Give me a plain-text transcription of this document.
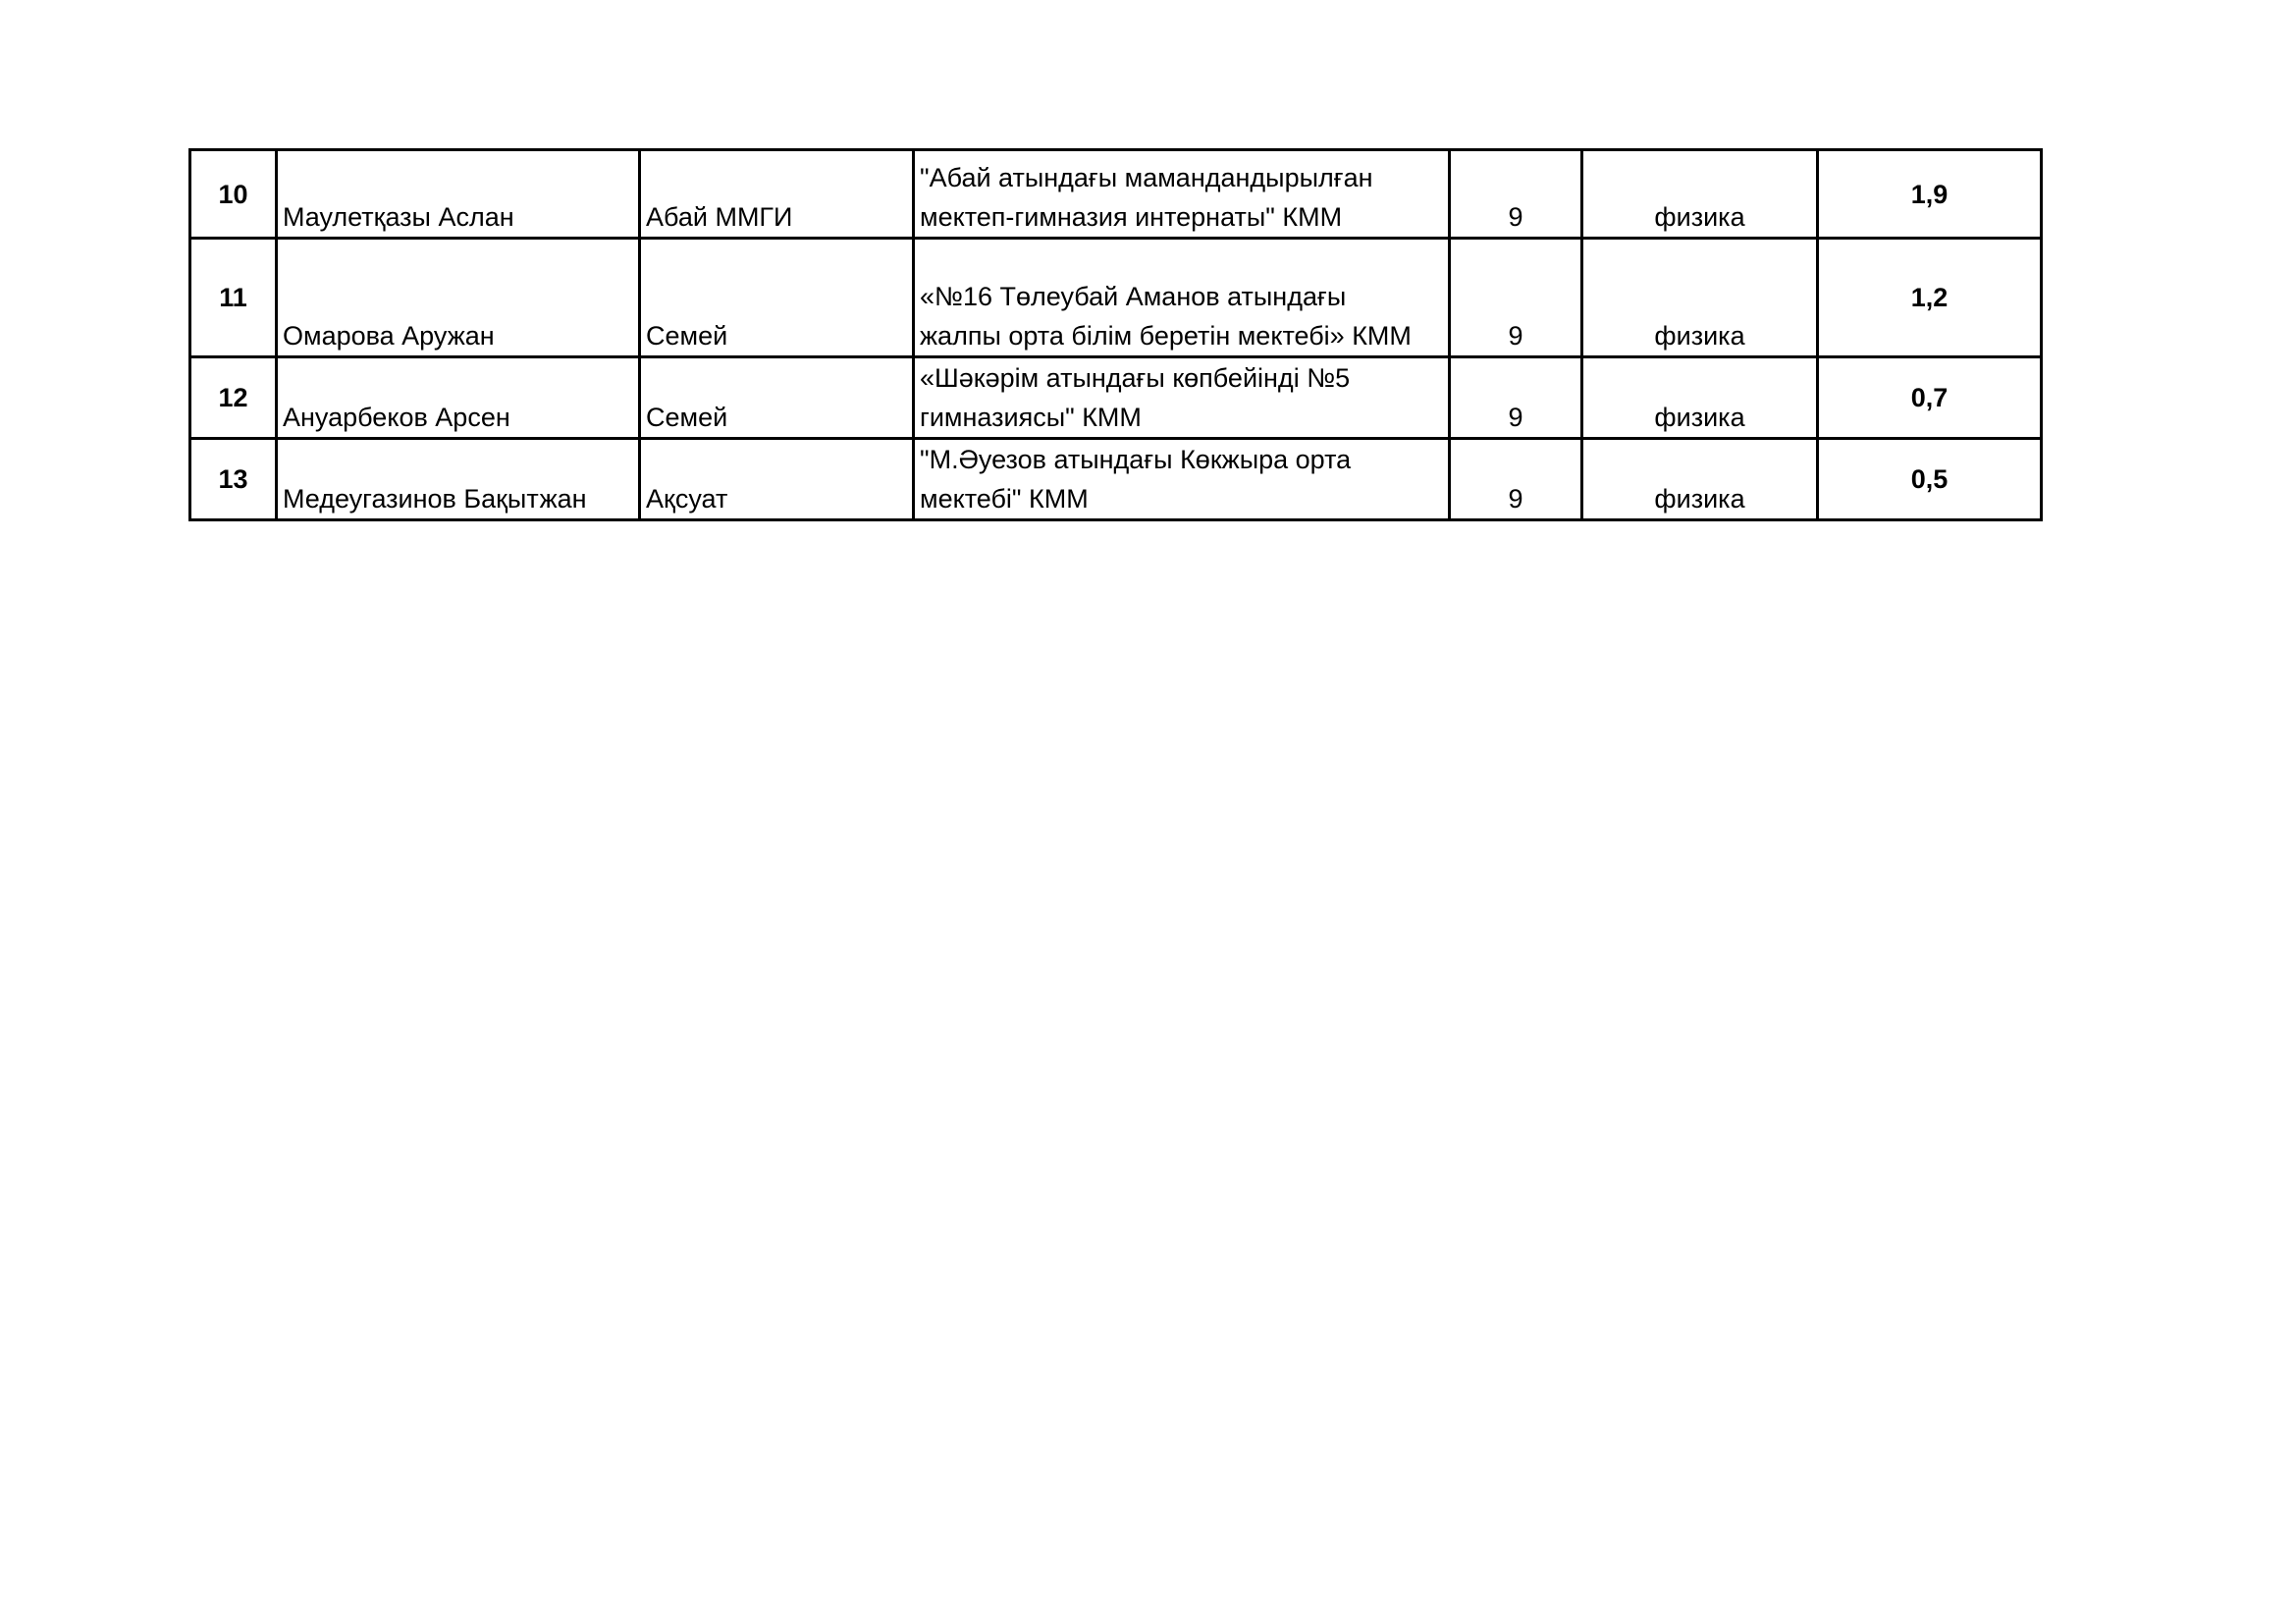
10	Маулетқазы Аслан	Абай ММГИ	"Абай атындағы мамандандырылған
мектеп-гимназия интернаты" КММ	9	физика	1,9
11	Омарова Аружан	Семей	«№16 Төлеубай Аманов атындағы
жалпы орта білім беретін мектебі» КММ	9	физика	1,2
12	Ануарбеков Арсен	Семей	«Шәкәрім атындағы көпбейінді №5
гимназиясы" КММ	9	физика	0,7
13	Медеугазинов Бақытжан	Ақсуат	"М.Әуезов атындағы Көкжыра орта
мектебі" КММ	9	физика	0,5
